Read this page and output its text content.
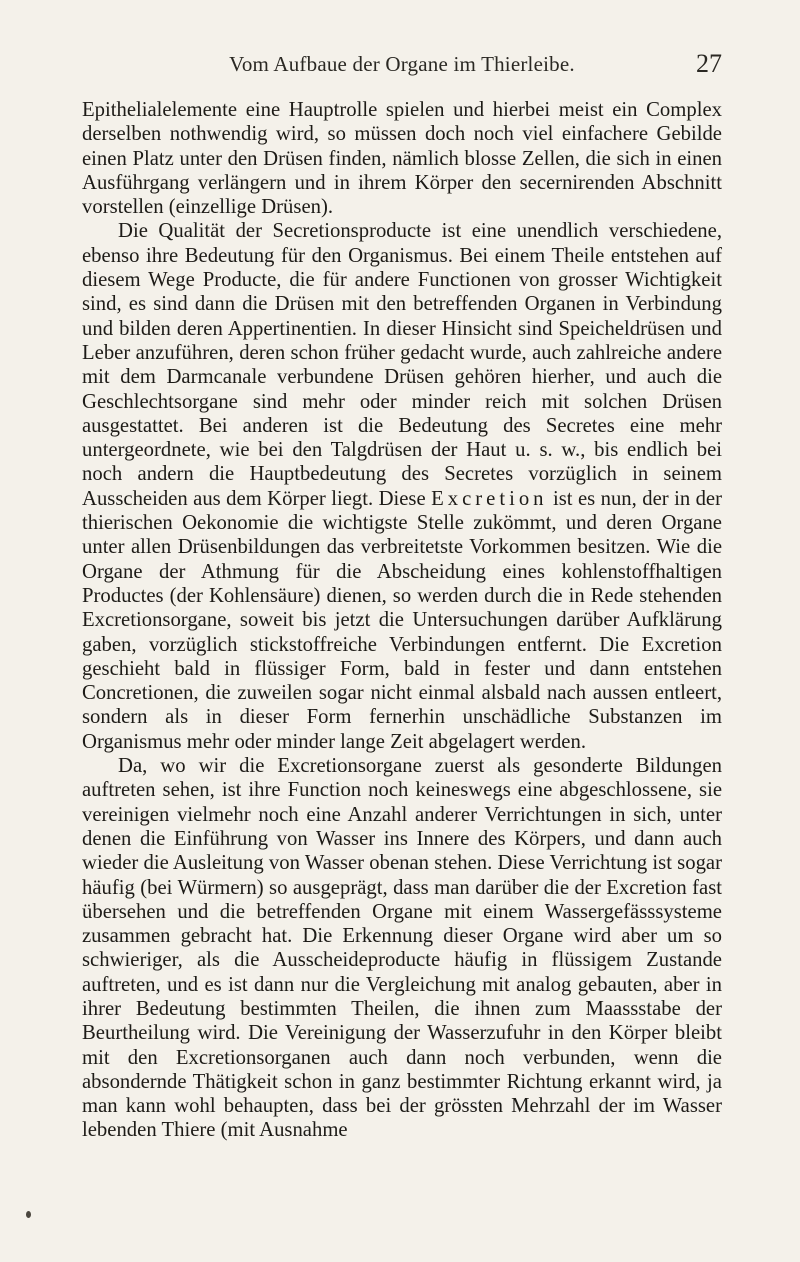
Vom Aufbaue der Organe im Thierleibe.	27

Epithelialelemente eine Hauptrolle spielen und hierbei meist ein Complex derselben nothwendig wird, so müssen doch noch viel einfachere Gebilde einen Platz unter den Drüsen finden, nämlich blosse Zellen, die sich in einen Ausführgang verlängern und in ihrem Körper den secernirenden Abschnitt vorstellen (einzellige Drüsen).

Die Qualität der Secretionsproducte ist eine unendlich verschiedene, ebenso ihre Bedeutung für den Organismus. Bei einem Theile entstehen auf diesem Wege Producte, die für andere Functionen von grosser Wichtigkeit sind, es sind dann die Drüsen mit den betreffenden Organen in Verbindung und bilden deren Appertinentien. In dieser Hinsicht sind Speicheldrüsen und Leber anzuführen, deren schon früher gedacht wurde, auch zahlreiche andere mit dem Darmcanale verbundene Drüsen gehören hierher, und auch die Geschlechtsorgane sind mehr oder minder reich mit solchen Drüsen ausgestattet. Bei anderen ist die Bedeutung des Secretes eine mehr untergeordnete, wie bei den Talgdrüsen der Haut u. s. w., bis endlich bei noch andern die Hauptbedeutung des Secretes vorzüglich in seinem Ausscheiden aus dem Körper liegt. Diese Excretion ist es nun, der in der thierischen Oekonomie die wichtigste Stelle zukömmt, und deren Organe unter allen Drüsenbildungen das verbreitetste Vorkommen besitzen. Wie die Organe der Athmung für die Abscheidung eines kohlenstoffhaltigen Productes (der Kohlensäure) dienen, so werden durch die in Rede stehenden Excretionsorgane, soweit bis jetzt die Untersuchungen darüber Aufklärung gaben, vorzüglich stickstoffreiche Verbindungen entfernt. Die Excretion geschieht bald in flüssiger Form, bald in fester und dann entstehen Concretionen, die zuweilen sogar nicht einmal alsbald nach aussen entleert, sondern als in dieser Form fernerhin unschädliche Substanzen im Organismus mehr oder minder lange Zeit abgelagert werden.

Da, wo wir die Excretionsorgane zuerst als gesonderte Bildungen auftreten sehen, ist ihre Function noch keineswegs eine abgeschlossene, sie vereinigen vielmehr noch eine Anzahl anderer Verrichtungen in sich, unter denen die Einführung von Wasser ins Innere des Körpers, und dann auch wieder die Ausleitung von Wasser obenan stehen. Diese Verrichtung ist sogar häufig (bei Würmern) so ausgeprägt, dass man darüber die der Excretion fast übersehen und die betreffenden Organe mit einem Wassergefässsysteme zusammen gebracht hat. Die Erkennung dieser Organe wird aber um so schwieriger, als die Ausscheideproducte häufig in flüssigem Zustande auftreten, und es ist dann nur die Vergleichung mit analog gebauten, aber in ihrer Bedeutung bestimmten Theilen, die ihnen zum Maassstabe der Beurtheilung wird. Die Vereinigung der Wasserzufuhr in den Körper bleibt mit den Excretionsorganen auch dann noch verbunden, wenn die absondernde Thätigkeit schon in ganz bestimmter Richtung erkannt wird, ja man kann wohl behaupten, dass bei der grössten Mehrzahl der im Wasser lebenden Thiere (mit Ausnahme
